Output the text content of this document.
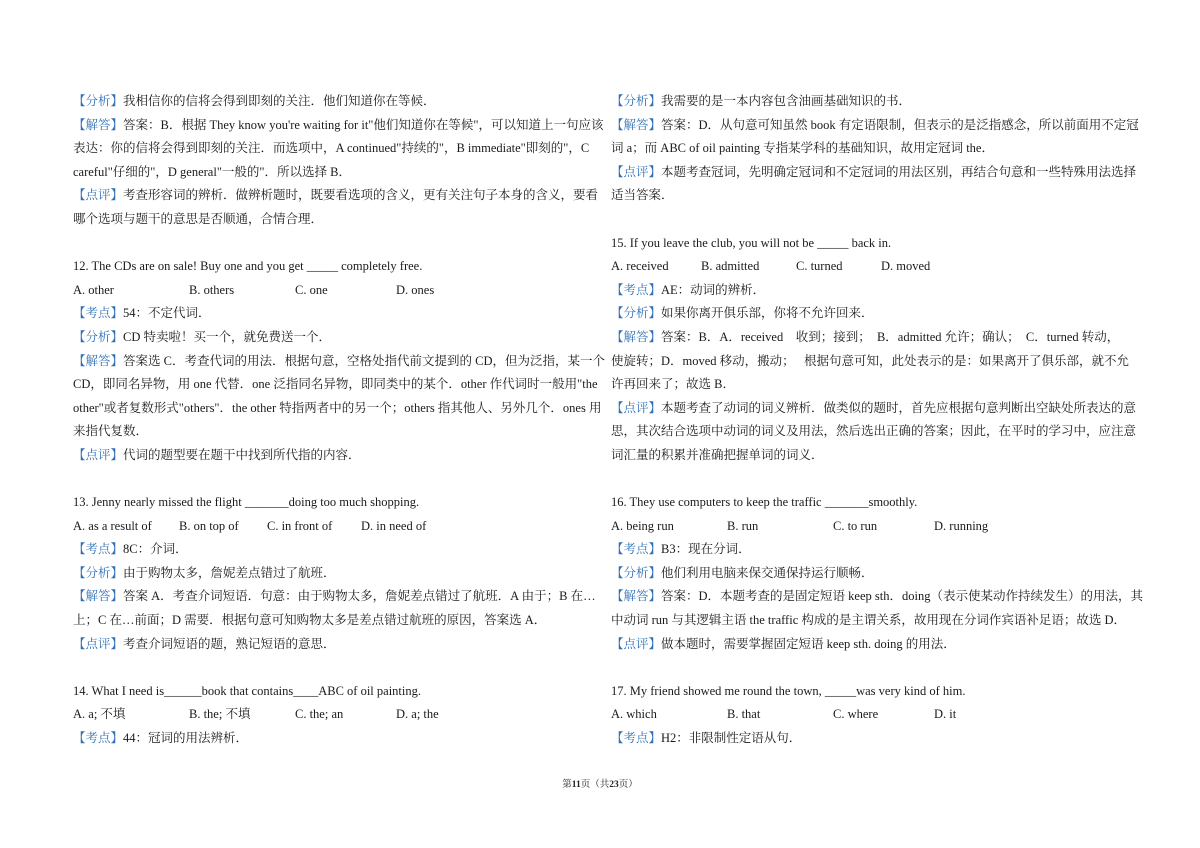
【分析】我相信你的信将会得到即刻的关注．他们知道你在等候．
【解答】答案：B．根据 They know you're waiting for it"他们知道你在等候"，可以知道上一句应该
表达：你的信将会得到即刻的关注．而选项中，A continued"持续的"，B immediate"即刻的"，C
careful"仔细的"，D general"一般的"．所以选择 B．
【点评】考查形容词的辨析．做辨析题时，既要看选项的含义，更有关注句子本身的含义，要看
哪个选项与题干的意思是否顺通，合情合理．
12. The CDs are on sale! Buy one and you get _____ completely free.
A. other	B. others	C. one	D. ones
【考点】54：不定代词．
【分析】CD 特卖啦！买一个，就免费送一个．
【解答】答案选 C．考查代词的用法．根据句意，空格处指代前文提到的 CD，但为泛指，某一个
CD，即同名异物，用 one 代替．one 泛指同名异物，即同类中的某个．other 作代词时一般用"the
other"或者复数形式"others"．the other 特指两者中的另一个；others 指其他人、另外几个．ones 用
来指代复数．
【点评】代词的题型要在题干中找到所代指的内容．
13. Jenny nearly missed the flight _______doing too much shopping.
A. as a result of	B. on top of	C. in front of	D. in need of
【考点】8C：介词．
【分析】由于购物太多，詹妮差点错过了航班．
【解答】答案 A．考查介词短语．句意：由于购物太多，詹妮差点错过了航班．A 由于；B 在…
上；C 在…前面；D 需要．根据句意可知购物太多是差点错过航班的原因，答案选 A．
【点评】考查介词短语的题，熟记短语的意思．
14. What I need is______book that contains____ABC of oil painting.
A. a; 不填	B. the; 不填	C. the; an	D. a; the
【考点】44：冠词的用法辨析．
【分析】我需要的是一本内容包含油画基础知识的书．
【解答】答案：D．从句意可知虽然 book 有定语限制，但表示的是泛指感念，所以前面用不定冠
词 a；而 ABC of oil painting 专指某学科的基础知识，故用定冠词 the．
【点评】本题考查冠词，先明确定冠词和不定冠词的用法区别，再结合句意和一些特殊用法选择
适当答案．
15. If you leave the club, you will not be _____ back in.
A. received	B. admitted	C. turned	D. moved
【考点】AE：动词的辨析．
【分析】如果你离开俱乐部，你将不允许回来．
【解答】答案：B．A．received　收到；接到；　B．admitted 允许；确认；　C．turned 转动，
使旋转；D．moved 移动，搬动；　 根据句意可知，此处表示的是：如果离开了俱乐部，就不允
许再回来了；故选 B．
【点评】本题考查了动词的词义辨析．做类似的题时，首先应根据句意判断出空缺处所表达的意
思，其次结合选项中动词的词义及用法，然后选出正确的答案；因此，在平时的学习中，应注意
词汇量的积累并准确把握单词的词义．
16. They use computers to keep the traffic _______smoothly.
A. being run	B. run	C. to run	D. running
【考点】B3：现在分词．
【分析】他们利用电脑来保交通保持运行顺畅．
【解答】答案：D．本题考查的是固定短语 keep sth．doing（表示使某动作持续发生）的用法，其
中动词 run 与其逻辑主语 the traffic 构成的是主谓关系，故用现在分词作宾语补足语；故选 D．
【点评】做本题时，需要掌握固定短语 keep sth. doing 的用法．
17. My friend showed me round the town, _____was very kind of him.
A. which	B. that	C. where	D. it
【考点】H2：非限制性定语从句．
第11页（共23页）
